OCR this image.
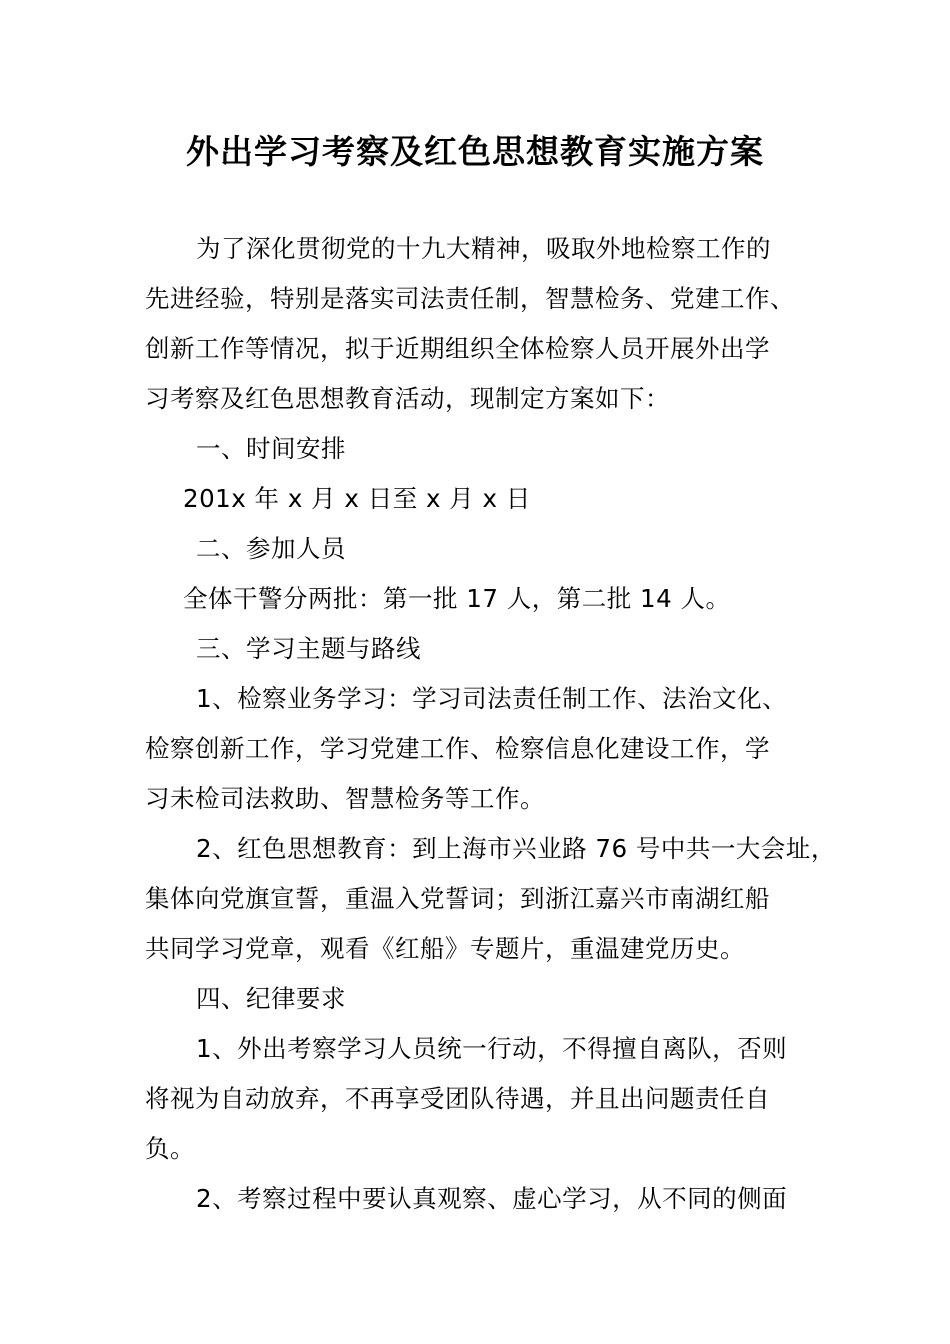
外出学习考察及红色思想教育实施方案

为了深化贯彻党的十九大精神，吸取外地检察工作的

先进经验，特别是落实司法责任制，智慧检务、党建工作、

创新工作等情况，拟于近期组织全体检察人员开展外出学

习考察及红色思想教育活动，现制定方案如下：

一、时间安排

201x 年 x 月 x 日至 x 月 x 日

二、参加人员

全体干警分两批：第一批 17 人，第二批 14 人。

三、学习主题与路线

1、检察业务学习：学习司法责任制工作、法治文化、

检察创新工作，学习党建工作、检察信息化建设工作，学

习未检司法救助、智慧检务等工作。

2、红色思想教育：到上海市兴业路 76 号中共一大会址，

集体向党旗宣誓，重温入党誓词；到浙江嘉兴市南湖红船

共同学习党章，观看《红船》专题片，重温建党历史。

四、纪律要求

1、外出考察学习人员统一行动，不得擅自离队，否则

将视为自动放弃，不再享受团队待遇，并且出问题责任自

负。

2、考察过程中要认真观察、虚心学习，从不同的侧面
